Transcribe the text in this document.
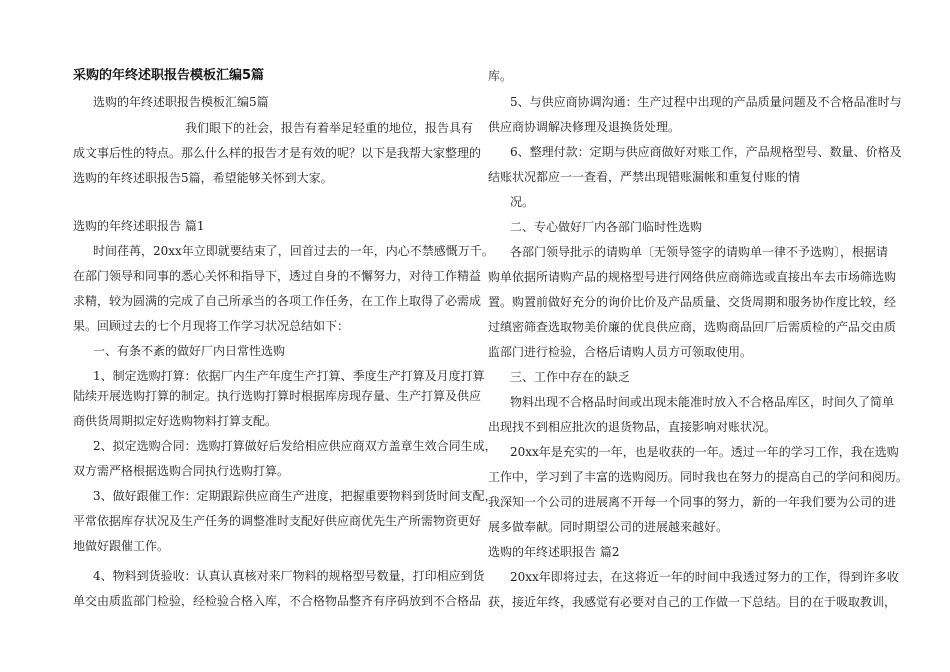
采购的年终述职报告模板汇编5篇
选购的年终述职报告模板汇编5篇
我们眼下的社会，报告有着举足轻重的地位，报告具有
成文事后性的特点。那么什么样的报告才是有效的呢？以下是我帮大家整理的
选购的年终述职报告5篇，希望能够关怀到大家。
选购的年终述职报告 篇1
时间荏苒，20xx年立即就要结束了，回首过去的一年，内心不禁感慨万千。
在部门领导和同事的悉心关怀和指导下，透过自身的不懈努力，对待工作精益
求精，较为圆满的完成了自己所承当的各项工作任务，在工作上取得了必需成
果。回顾过去的七个月现将工作学习状况总结如下：
一、有条不紊的做好厂内日常性选购
1、制定选购打算：依据厂内生产年度生产打算、季度生产打算及月度打算
陆续开展选购打算的制定。执行选购打算时根据库房现存量、生产打算及供应
商供货周期拟定好选购物料打算支配。
2、拟定选购合同：选购打算做好后发给相应供应商双方盖章生效合同生成，
双方需严格根据选购合同执行选购打算。
3、做好跟催工作：定期跟踪供应商生产进度，把握重要物料到货时间支配，
平常依据库存状况及生产任务的调整准时支配好供应商优先生产所需物资更好
地做好跟催工作。
4、物料到货验收：认真认真核对来厂物料的规格型号数量，打印相应到货
单交由质监部门检验，经检验合格入库，不合格物品整齐有序码放到不合格品
库。
5、与供应商协调沟通：生产过程中出现的产品质量问题及不合格品准时与
供应商协调解决修理及退换货处理。
6、整理付款：定期与供应商做好对账工作，产品规格型号、数量、价格及
结账状况都应一一查看，严禁出现错账漏帐和重复付账的情
况。
二、专心做好厂内各部门临时性选购
各部门领导批示的请购单〔无领导签字的请购单一律不予选购〕，根据请
购单依据所请购产品的规格型号进行网络供应商筛选或直接出车去市场筛选购
置。购置前做好充分的询价比价及产品质量、交货周期和服务协作度比较，经
过缜密筛查选取物美价廉的优良供应商，选购商品回厂后需质检的产品交由质
监部门进行检验，合格后请购人员方可领取使用。
三、工作中存在的缺乏
物料出现不合格品时间或出现未能准时放入不合格品库区，时间久了简单
出现找不到相应批次的退货物品，直接影响对账状况。
20xx年是充实的一年，也是收获的一年。透过一年的学习工作，我在选购
工作中，学习到了丰富的选购阅历。同时我也在努力的提高自己的学问和阅历。
我深知一个公司的进展离不开每一个同事的努力，新的一年我们要为公司的进
展多做奉献。同时期望公司的进展越来越好。
选购的年终述职报告 篇2
20xx年即将过去，在这将近一年的时间中我透过努力的工作，得到许多收
获，接近年终，我感觉有必要对自己的工作做一下总结。目的在于吸取教训，
